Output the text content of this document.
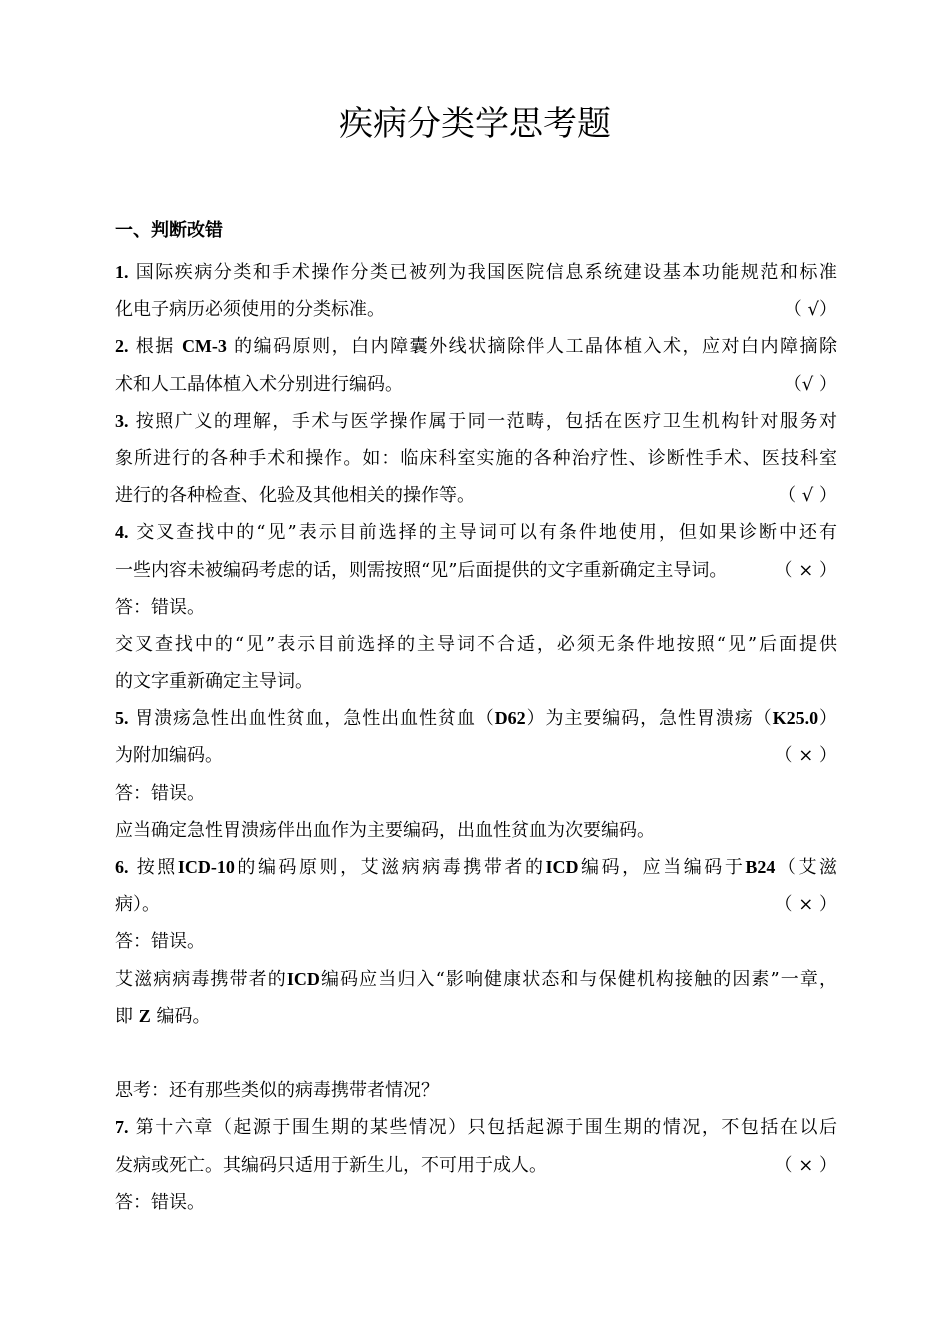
疾病分类学思考题
一、判断改错
1. 国际疾病分类和手术操作分类已被列为我国医院信息系统建设基本功能规范和标准
化电子病历必须使用的分类标准。	（ √）
2. 根据 CM-3 的编码原则，白内障囊外线状摘除伴人工晶体植入术，应对白内障摘除
术和人工晶体植入术分别进行编码。	（√ ）
3. 按照广义的理解，手术与医学操作属于同一范畴，包括在医疗卫生机构针对服务对
象所进行的各种手术和操作。如：临床科室实施的各种治疗性、诊断性手术、医技科室
进行的各种检查、化验及其他相关的操作等。	（ √ ）
4. 交叉查找中的“见”表示目前选择的主导词可以有条件地使用，但如果诊断中还有
一些内容未被编码考虑的话，则需按照“见”后面提供的文字重新确定主导词。	（ × ）
答：错误。
交叉查找中的“见”表示目前选择的主导词不合适，必须无条件地按照“见”后面提供
的文字重新确定主导词。
5. 胃溃疡急性出血性贫血，急性出血性贫血（D62）为主要编码，急性胃溃疡（K25.0）
为附加编码。	（ × ）
答：错误。
应当确定急性胃溃疡伴出血作为主要编码，出血性贫血为次要编码。
6. 按照ICD-10的编码原则，艾滋病病毒携带者的ICD编码，应当编码于B24（艾滋
病）。	（ × ）
答：错误。
艾滋病病毒携带者的ICD编码应当归入“影响健康状态和与保健机构接触的因素”一章，
即 Z 编码。
思考：还有那些类似的病毒携带者情况？
7. 第十六章（起源于围生期的某些情况）只包括起源于围生期的情况，不包括在以后
发病或死亡。其编码只适用于新生儿，不可用于成人。	（ × ）
答：错误。
